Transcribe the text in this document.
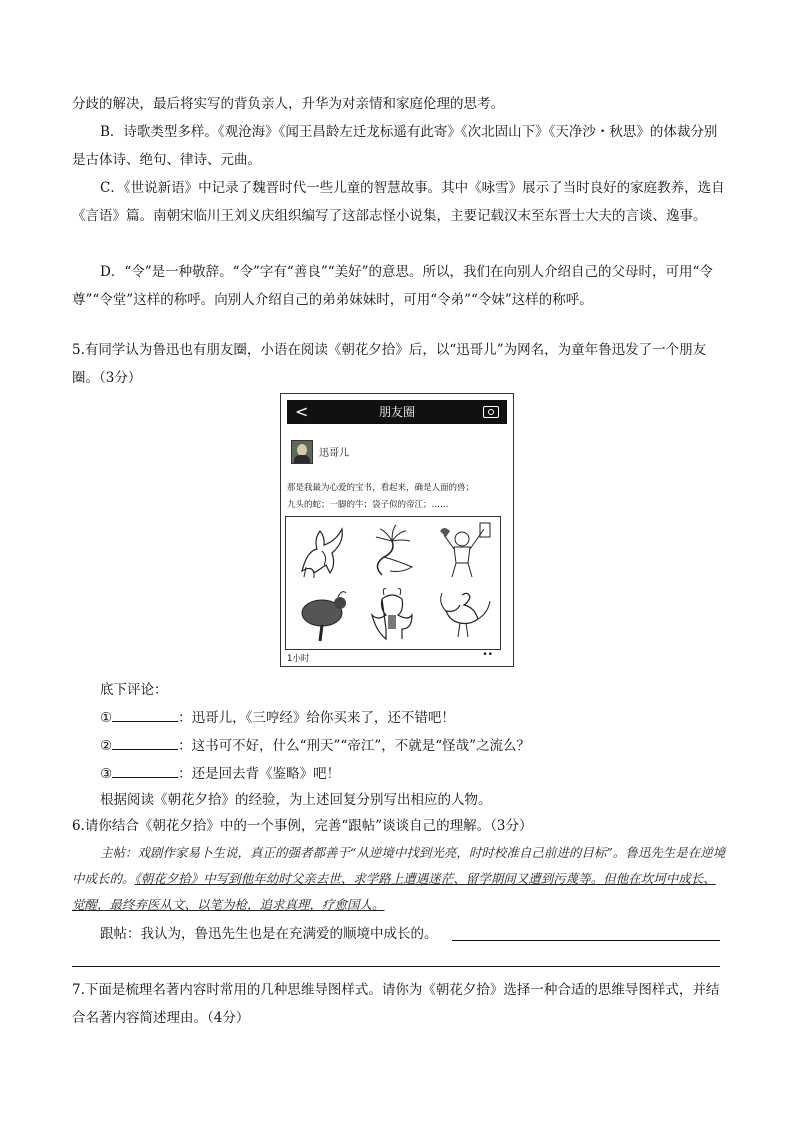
分歧的解决，最后将实写的背负亲人，升华为对亲情和家庭伦理的思考。

B．诗歌类型多样。《观沧海》《闻王昌龄左迁龙标遥有此寄》《次北固山下》《天净沙・秋思》的体裁分别是古体诗、绝句、律诗、元曲。

C．《世说新语》中记录了魏晋时代一些儿童的智慧故事。其中《咏雪》展示了当时良好的家庭教养，选自《言语》篇。南朝宋临川王刘义庆组织编写了这部志怪小说集，主要记载汉末至东晋士大夫的言谈、逸事。

D．“令”是一种敬辞。“令”字有“善良”“美好”的意思。所以，我们在向别人介绍自己的父母时，可用“令尊”“令堂”这样的称呼。向别人介绍自己的弟弟妹妹时，可用“令弟”“令妹”这样的称呼。

5.有同学认为鲁迅也有朋友圈，小语在阅读《朝花夕拾》后，以“迅哥儿”为网名，为童年鲁迅发了一个朋友圈。（3分）

<	朋友圈
迅哥儿
那是我最为心爱的宝书，看起来，确是人面的兽；
九头的蛇；一脚的牛；袋子似的帝江；……
1小时	••

底下评论：

①	：迅哥儿，《三哼经》给你买来了，还不错吧！

②	：这书可不好，什么“刑天”“帝江”，不就是“怪哉”之流么？

③	：还是回去背《鉴略》吧！

根据阅读《朝花夕拾》的经验，为上述回复分别写出相应的人物。

6.请你结合《朝花夕拾》中的一个事例，完善“跟帖”谈谈自己的理解。（3分）

主帖：戏剧作家易卜生说，真正的强者都善于“从逆境中找到光亮，时时校准自己前进的目标”。鲁迅先生是在逆境中成长的。《朝花夕拾》中写到他年幼时父亲去世、求学路上遭遇迷茫、留学期间又遭到污蔑等。但他在坎坷中成长、觉醒，最终弃医从文、以笔为枪，追求真理，疗愈国人。

跟帖：我认为，鲁迅先生也是在充满爱的顺境中成长的。

7.下面是梳理名著内容时常用的几种思维导图样式。请你为《朝花夕拾》选择一种合适的思维导图样式，并结合名著内容简述理由。（4分）
